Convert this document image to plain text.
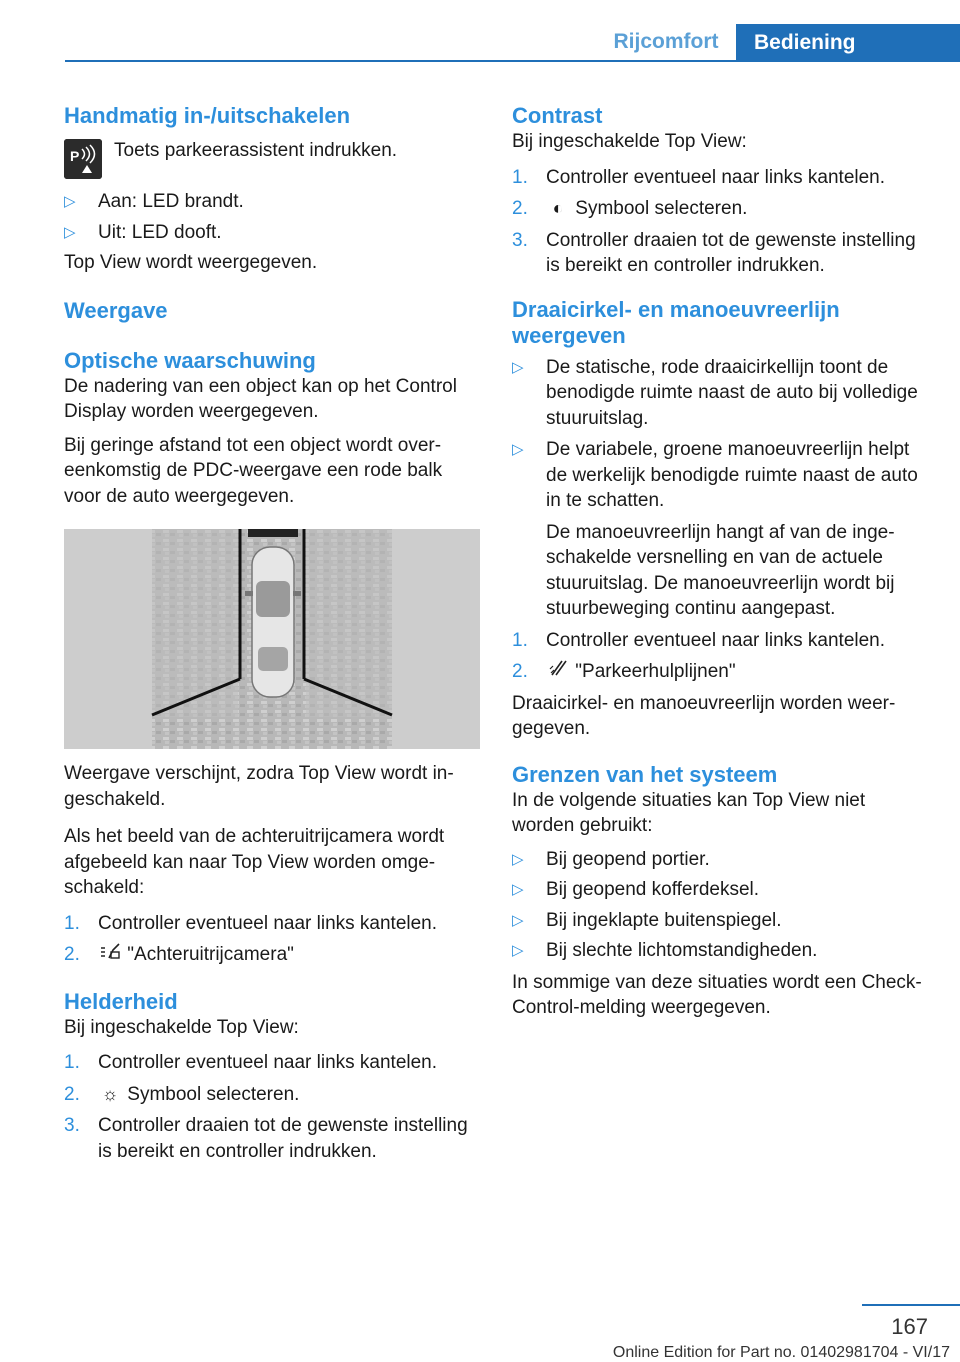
Rijcomfort	Bediening
Handmatig in-/uitschakelen
P Toets parkeerassistent indrukken.

▷	Aan: LED brandt.
▷	Uit: LED dooft.

Top View wordt weergegeven.

Weergave
Optische waarschuwing

De nadering van een object kan op het Control Display worden weergegeven.

Bij geringe afstand tot een object wordt overeenkomstig de PDC-weergave een rode balk voor de auto weergegeven.

Weergave verschijnt, zodra Top View wordt ingeschakeld.

Als het beeld van de achteruitrijcamera wordt afgebeeld kan naar Top View worden omgeschakeld:

1. Controller eventueel naar links kantelen.
2.	"Achteruitrijcamera"
Helderheid

Bij ingeschakelde Top View:

1. Controller eventueel naar links kantelen.
2.	☼ Symbool selecteren.
3. Controller draaien tot de gewenste instelling is bereikt en controller indrukken.
Contrast

Bij ingeschakelde Top View:

1. Controller eventueel naar links kantelen.
2.	◐ Symbool selecteren.
3. Controller draaien tot de gewenste instelling is bereikt en controller indrukken.
Draaicirkel- en manoeuvreerlijn weergeven
▷	De statische, rode draaicirkellijn toont de benodigde ruimte naast de auto bij volledige stuuruitslag.
▷	De variabele, groene manoeuvreerlijn helpt de werkelijk benodigde ruimte naast de auto in te schatten.
De manoeuvreerlijn hangt af van de ingeschakelde versnelling en van de actuele stuuruitslag. De manoeuvreerlijn wordt bij stuurbeweging continu aangepast.
1. Controller eventueel naar links kantelen.
2.	"Parkeerhulplijnen"

Draaicirkel- en manoeuvreerlijn worden weergegeven.

Grenzen van het systeem

In de volgende situaties kan Top View niet worden gebruikt:

▷	Bij geopend portier.
▷	Bij geopend kofferdeksel.
▷	Bij ingeklapte buitenspiegel.
▷	Bij slechte lichtomstandigheden.

In sommige van deze situaties wordt een Check-Control-melding weergegeven.

167
Online Edition for Part no. 01402981704 - VI/17
